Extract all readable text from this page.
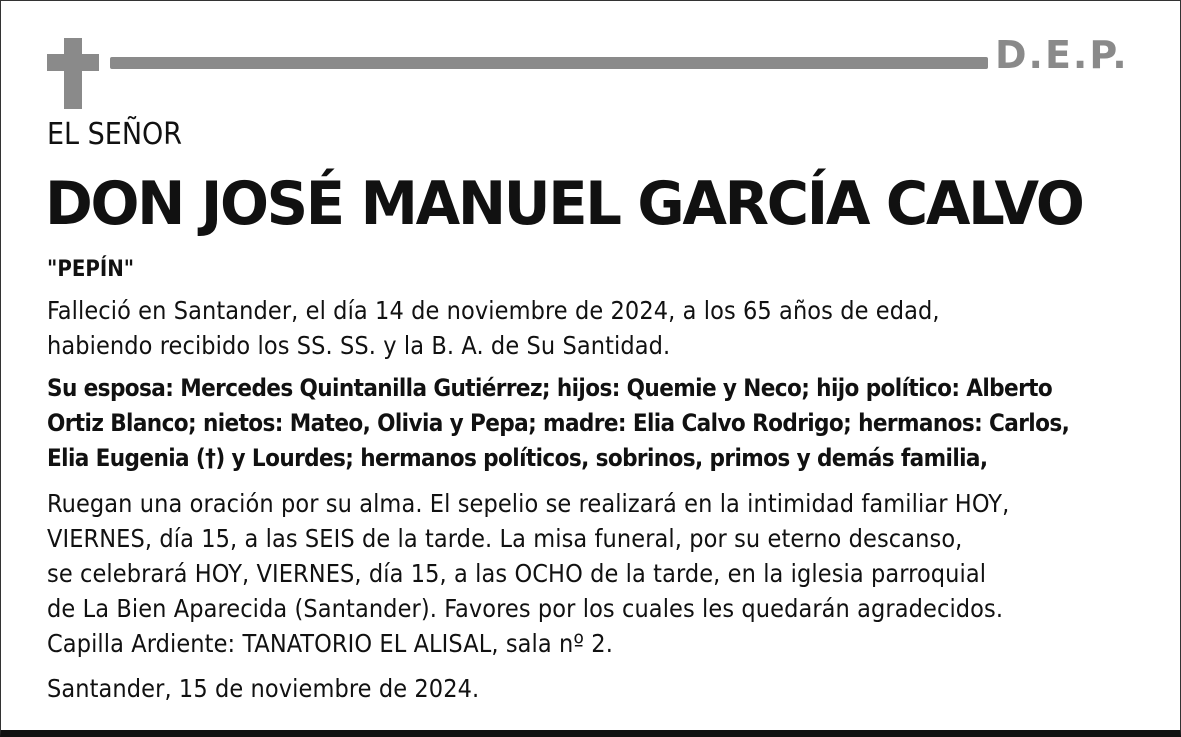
D.E.P.
EL SEÑOR
DON JOSÉ MANUEL GARCÍA CALVO
"PEPÍN"
Falleció en Santander, el día 14 de noviembre de 2024, a los 65 años de edad,
habiendo recibido los SS. SS. y la B. A. de Su Santidad.
Su esposa: Mercedes Quintanilla Gutiérrez; hijos: Quemie y Neco; hijo político: Alberto
Ortiz Blanco; nietos: Mateo, Olivia y Pepa; madre: Elia Calvo Rodrigo; hermanos: Carlos,
Elia Eugenia (†) y Lourdes; hermanos políticos, sobrinos, primos y demás familia,
Ruegan una oración por su alma. El sepelio se realizará en la intimidad familiar HOY,
VIERNES, día 15, a las SEIS de la tarde. La misa funeral, por su eterno descanso,
se celebrará HOY, VIERNES, día 15, a las OCHO de la tarde, en la iglesia parroquial
de La Bien Aparecida (Santander). Favores por los cuales les quedarán agradecidos.
Capilla Ardiente: TANATORIO EL ALISAL, sala nº 2.
Santander, 15 de noviembre de 2024.
